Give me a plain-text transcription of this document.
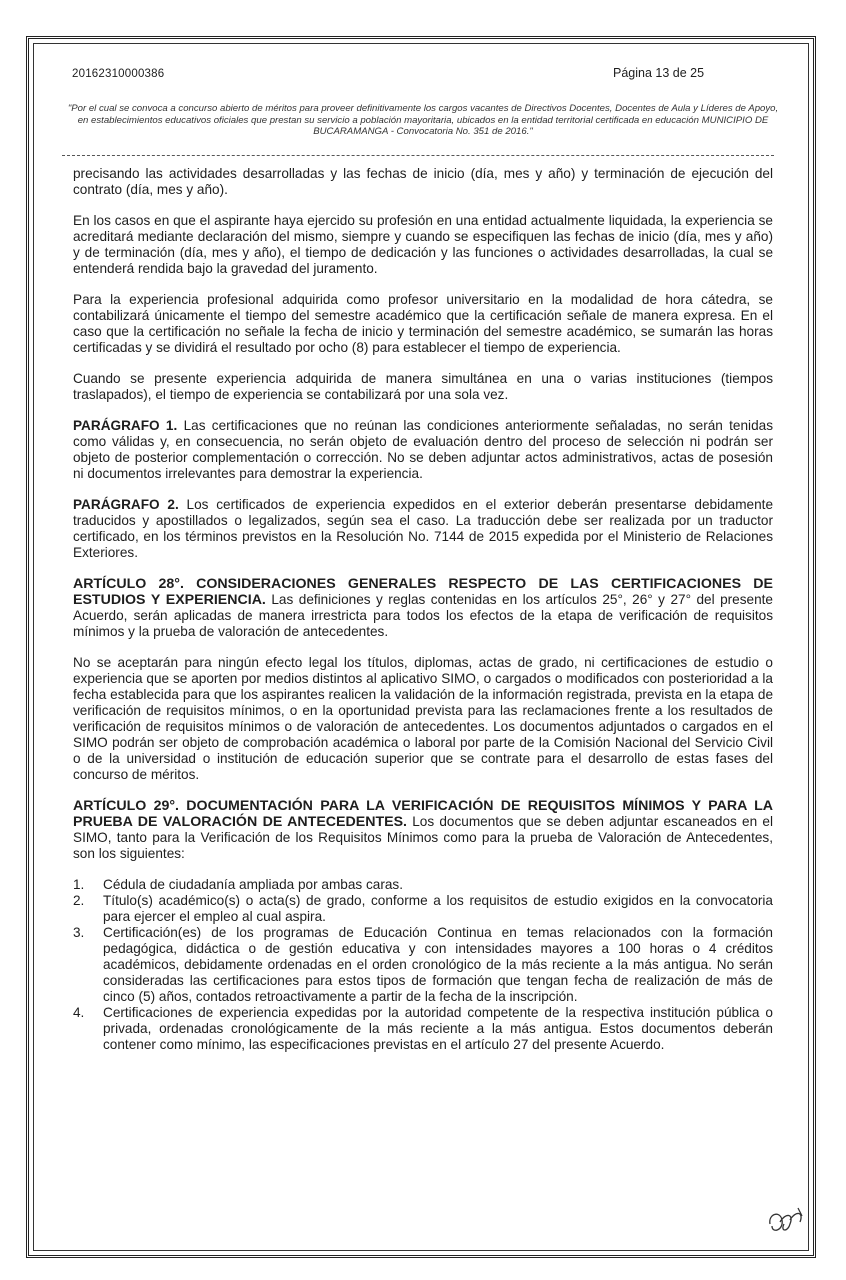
20162310000386	Página 13 de 25
"Por el cual se convoca a concurso abierto de méritos para proveer definitivamente los cargos vacantes de Directivos Docentes, Docentes de Aula y Líderes de Apoyo, en establecimientos educativos oficiales que prestan su servicio a población mayoritaria, ubicados en la entidad territorial certificada en educación MUNICIPIO DE BUCARAMANGA - Convocatoria No. 351 de 2016."

precisando las actividades desarrolladas y las fechas de inicio (día, mes y año) y terminación de ejecución del contrato (día, mes y año).

En los casos en que el aspirante haya ejercido su profesión en una entidad actualmente liquidada, la experiencia se acreditará mediante declaración del mismo, siempre y cuando se especifiquen las fechas de inicio (día, mes y año) y de terminación (día, mes y año), el tiempo de dedicación y las funciones o actividades desarrolladas, la cual se entenderá rendida bajo la gravedad del juramento.

Para la experiencia profesional adquirida como profesor universitario en la modalidad de hora cátedra, se contabilizará únicamente el tiempo del semestre académico que la certificación señale de manera expresa. En el caso que la certificación no señale la fecha de inicio y terminación del semestre académico, se sumarán las horas certificadas y se dividirá el resultado por ocho (8) para establecer el tiempo de experiencia.

Cuando se presente experiencia adquirida de manera simultánea en una o varias instituciones (tiempos traslapados), el tiempo de experiencia se contabilizará por una sola vez.

PARÁGRAFO 1. Las certificaciones que no reúnan las condiciones anteriormente señaladas, no serán tenidas como válidas y, en consecuencia, no serán objeto de evaluación dentro del proceso de selección ni podrán ser objeto de posterior complementación o corrección. No se deben adjuntar actos administrativos, actas de posesión ni documentos irrelevantes para demostrar la experiencia.

PARÁGRAFO 2. Los certificados de experiencia expedidos en el exterior deberán presentarse debidamente traducidos y apostillados o legalizados, según sea el caso. La traducción debe ser realizada por un traductor certificado, en los términos previstos en la Resolución No. 7144 de 2015 expedida por el Ministerio de Relaciones Exteriores.

ARTÍCULO 28°. CONSIDERACIONES GENERALES RESPECTO DE LAS CERTIFICACIONES DE ESTUDIOS Y EXPERIENCIA. Las definiciones y reglas contenidas en los artículos 25°, 26° y 27° del presente Acuerdo, serán aplicadas de manera irrestricta para todos los efectos de la etapa de verificación de requisitos mínimos y la prueba de valoración de antecedentes.

No se aceptarán para ningún efecto legal los títulos, diplomas, actas de grado, ni certificaciones de estudio o experiencia que se aporten por medios distintos al aplicativo SIMO, o cargados o modificados con posterioridad a la fecha establecida para que los aspirantes realicen la validación de la información registrada, prevista en la etapa de verificación de requisitos mínimos, o en la oportunidad prevista para las reclamaciones frente a los resultados de verificación de requisitos mínimos o de valoración de antecedentes. Los documentos adjuntados o cargados en el SIMO podrán ser objeto de comprobación académica o laboral por parte de la Comisión Nacional del Servicio Civil o de la universidad o institución de educación superior que se contrate para el desarrollo de estas fases del concurso de méritos.

ARTÍCULO 29°. DOCUMENTACIÓN PARA LA VERIFICACIÓN DE REQUISITOS MÍNIMOS Y PARA LA PRUEBA DE VALORACIÓN DE ANTECEDENTES. Los documentos que se deben adjuntar escaneados en el SIMO, tanto para la Verificación de los Requisitos Mínimos como para la prueba de Valoración de Antecedentes, son los siguientes:

1. Cédula de ciudadanía ampliada por ambas caras.
2. Título(s) académico(s) o acta(s) de grado, conforme a los requisitos de estudio exigidos en la convocatoria para ejercer el empleo al cual aspira.
3. Certificación(es) de los programas de Educación Continua en temas relacionados con la formación pedagógica, didáctica o de gestión educativa y con intensidades mayores a 100 horas o 4 créditos académicos, debidamente ordenadas en el orden cronológico de la más reciente a la más antigua. No serán consideradas las certificaciones para estos tipos de formación que tengan fecha de realización de más de cinco (5) años, contados retroactivamente a partir de la fecha de la inscripción.
4. Certificaciones de experiencia expedidas por la autoridad competente de la respectiva institución pública o privada, ordenadas cronológicamente de la más reciente a la más antigua. Estos documentos deberán contener como mínimo, las especificaciones previstas en el artículo 27 del presente Acuerdo.
